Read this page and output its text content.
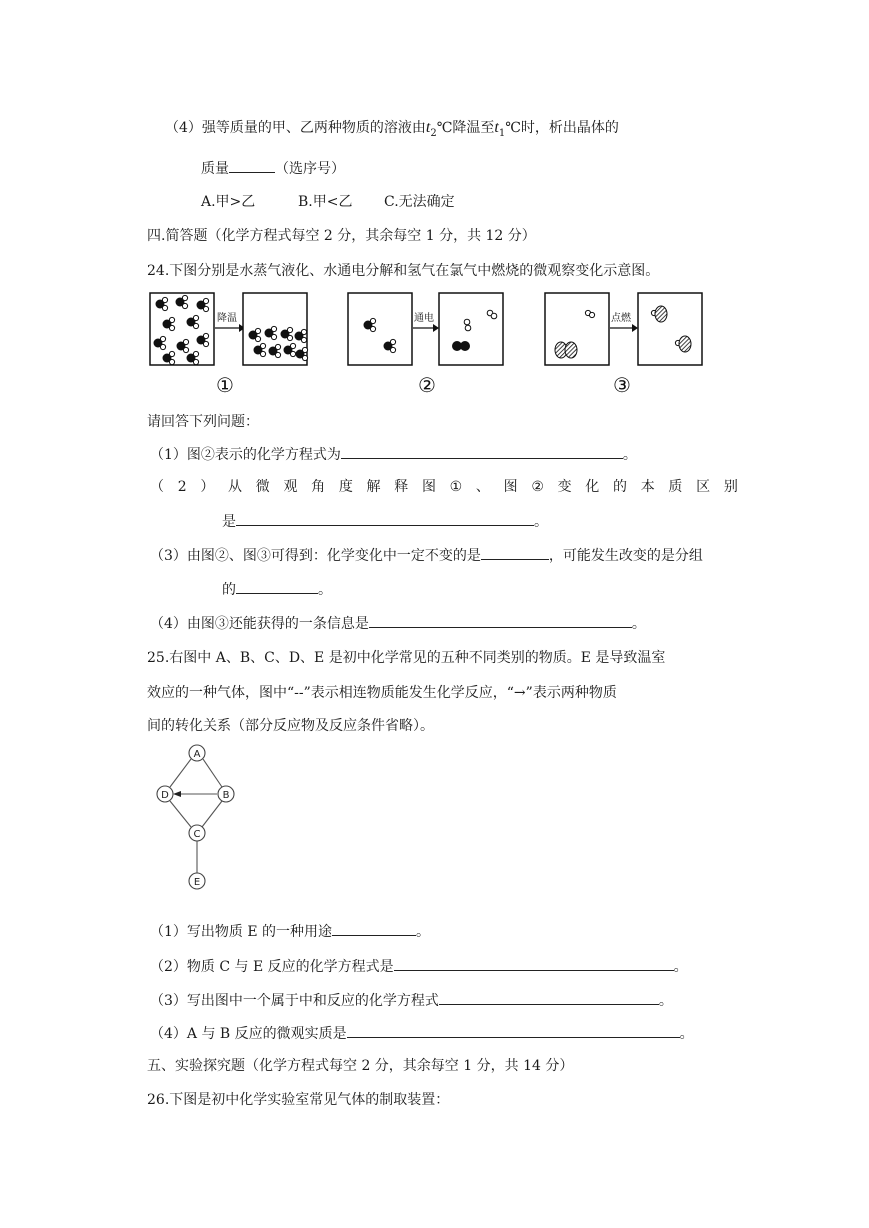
（4）强等质量的甲、乙两种物质的溶液由$t_2℃$降温至$t_1℃$时，析出晶体的
质量	（选序号）
A.甲>乙	B.甲<乙 C.无法确定
四.简答题（化学方程式每空 2 分，其余每空 1 分，共 12 分）
24.下图分别是水蒸气液化、水通电分解和氢气在氯气中燃烧的微观察变化示意图。
降温
①
通电
②
点燃
③
请回答下列问题：
（1）图②表示的化学方程式为	。
（ 2 ） 从 微 观 角 度 解 释 图 ① 、 图 ② 变 化 的 本 质 区 别
是	。
（3）由图②、图③可得到：化学变化中一定不变的是	，可能发生改变的是分组
的	。
（4）由图③还能获得的一条信息是	。
25.右图中 A、B、C、D、E 是初中化学常见的五种不同类别的物质。E 是导致温室
效应的一种气体，图中“--”表示相连物质能发生化学反应，“→”表示两种物质
间的转化关系（部分反应物及反应条件省略）。
A
D	B
C
E
（1）写出物质 E 的一种用途	。
（2）物质 C 与 E 反应的化学方程式是	。
（3）写出图中一个属于中和反应的化学方程式	。
（4）A 与 B 反应的微观实质是	。
五、实验探究题（化学方程式每空 2 分，其余每空 1 分，共 14 分）
26.下图是初中化学实验室常见气体的制取装置：
